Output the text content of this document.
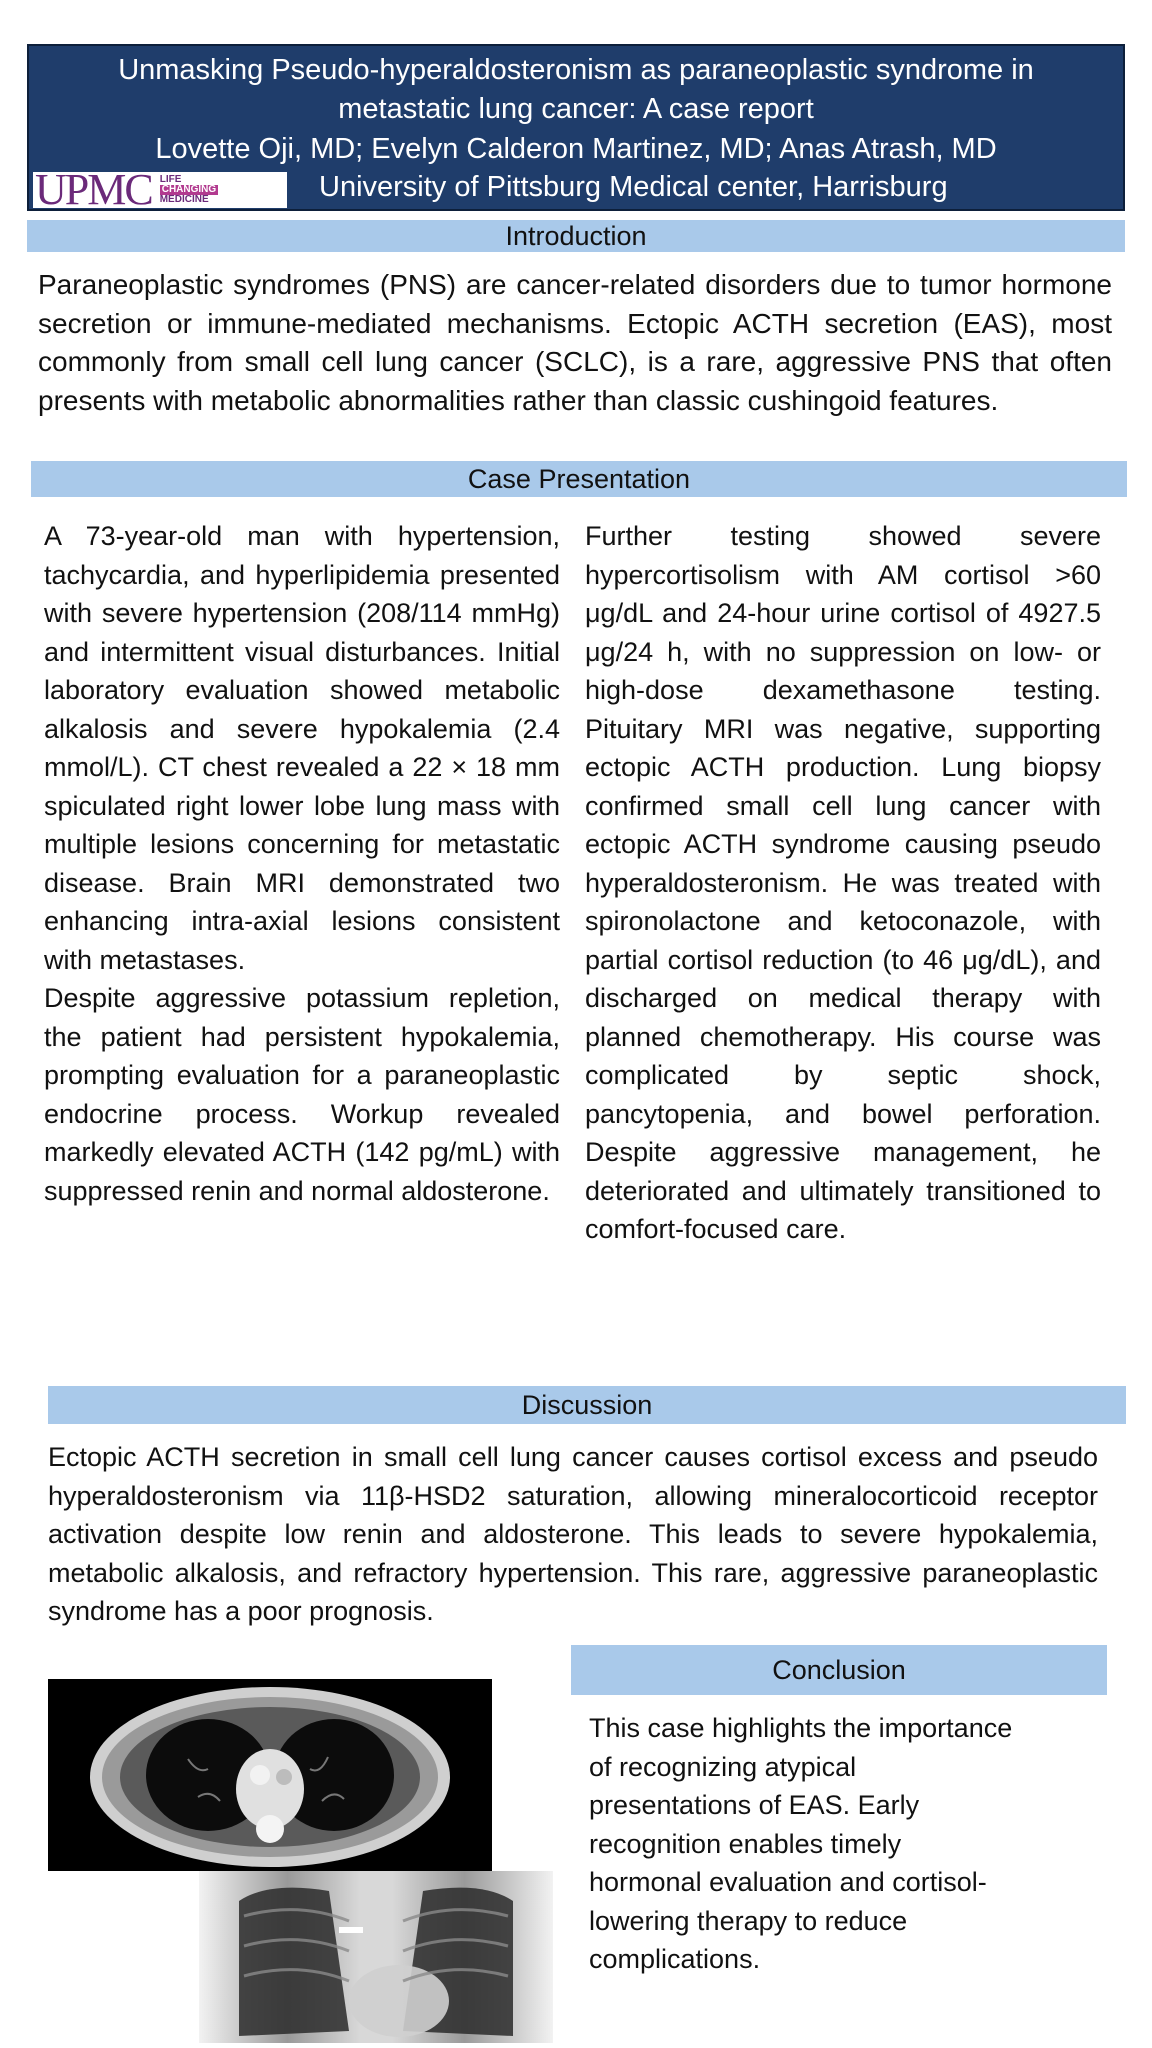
Unmasking Pseudo-hyperaldosteronism as paraneoplastic syndrome in
metastatic lung cancer: A case report
Lovette Oji, MD; Evelyn Calderon Martinez, MD; Anas Atrash, MD
University of Pittsburg Medical center, Harrisburg
UPMC LIFE
CHANGING
MEDICINE
Introduction
Paraneoplastic syndromes (PNS) are cancer-related disorders due to tumor hormone secretion or immune-mediated mechanisms. Ectopic ACTH secretion (EAS), most commonly from small cell lung cancer (SCLC), is a rare, aggressive PNS that often presents with metabolic abnormalities rather than classic cushingoid features.
Case Presentation
A 73-year-old man with hypertension, tachycardia, and hyperlipidemia presented with severe hypertension (208/114 mmHg) and intermittent visual disturbances. Initial laboratory evaluation showed metabolic alkalosis and severe hypokalemia (2.4 mmol/L). CT chest revealed a 22 × 18 mm spiculated right lower lobe lung mass with multiple lesions concerning for metastatic disease. Brain MRI demonstrated two enhancing intra-axial lesions consistent with metastases.
Despite aggressive potassium repletion, the patient had persistent hypokalemia, prompting evaluation for a paraneoplastic endocrine process. Workup revealed markedly elevated ACTH (142 pg/mL) with suppressed renin and normal aldosterone.
Further testing showed severe hypercortisolism with AM cortisol >60 μg/dL and 24-hour urine cortisol of 4927.5 μg/24 h, with no suppression on low- or high-dose dexamethasone testing. Pituitary MRI was negative, supporting ectopic ACTH production. Lung biopsy confirmed small cell lung cancer with ectopic ACTH syndrome causing pseudo hyperaldosteronism. He was treated with spironolactone and ketoconazole, with partial cortisol reduction (to 46 μg/dL), and discharged on medical therapy with planned chemotherapy. His course was complicated by septic shock, pancytopenia, and bowel perforation. Despite aggressive management, he deteriorated and ultimately transitioned to comfort-focused care.
Discussion
Ectopic ACTH secretion in small cell lung cancer causes cortisol excess and pseudo hyperaldosteronism via 11β-HSD2 saturation, allowing mineralocorticoid receptor activation despite low renin and aldosterone. This leads to severe hypokalemia, metabolic alkalosis, and refractory hypertension. This rare, aggressive paraneoplastic syndrome has a poor prognosis.
Conclusion
This case highlights the importance
of recognizing atypical
presentations of EAS. Early
recognition enables timely
hormonal evaluation and cortisol-
lowering therapy to reduce
complications.
